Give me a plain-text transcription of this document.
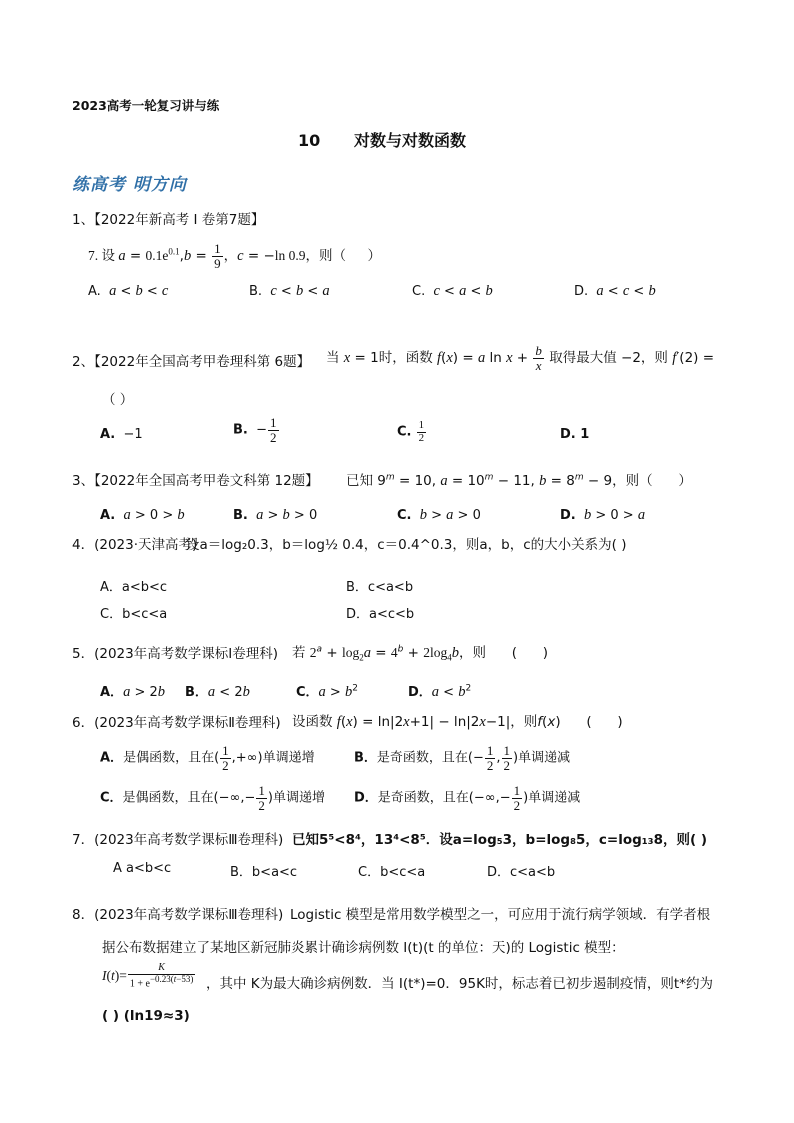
2023高考一轮复习讲与练
10 对数与对数函数
练高考 明方向
1、【2022年新高考 I 卷第7题】
7. 设 $a = 0.1e^{0.1},b = \frac{1}{9}$ ，c = −ln 0.9，则（     ）
A.  a < b < c	B.  c < b < a	C.  c < a < b	D.  a < c < b
2、【2022年全国高考甲卷理科第 6题】 当 x = 1时，函数 f(x) = a $\ln x + \frac{b}{x}$ 取得最大值 −2，则 f′(2) =
（ ）
A.  −1	B.  − $\frac{1}{2}$	C. $\frac{1}{2}$	D. 1
3、【2022年全国高考甲卷文科第 12题】 已知 $9^m = 10$, $a = 10^m - 11$, $b = 8^m - 9$，则（      ）
A. a > 0 > b	B. a > b > 0	C. b > a > 0	D. b > 0 > a
4．(2023·天津高考)
设a＝log₂0.3，b＝log½ 0.4，c＝0.4^0.3，则a，b，c的大小关系为( )
A．a<b<c	B．c<a<b
C．b<c<a	D．a<c<b
5．(2023年高考数学课标Ⅰ卷理科) 若 $2^a + \log_2a = 4^b + 2\log_4b$，则      (      )
A．a > 2b B．a < 2b	C．$a > b^2$	D．$a < b^2$
6．(2023年高考数学课标Ⅱ卷理科) 设函数 f(x) = ln|2x+1| − ln|2x−1|，则f(x)      (      )
A．是偶函数，且在( $\frac{1}{2}$ ,+∞)单调递增	B．是奇函数，且在(− $\frac{1}{2}$ , $\frac{1}{2}$ )单调递减
C．是偶函数，且在(−∞,− $\frac{1}{2}$ )单调递增 D．是奇函数，且在(−∞,− $\frac{1}{2}$ )单调递减
7．(2023年高考数学课标Ⅲ卷理科) 已知5⁵<8⁴，13⁴<8⁵．设a=log₅3，b=log₈5，c=log₁₃8，则( )
A a<b<c	B．b<a<c	C．b<c<a	D．c<a<b
8．(2023年高考数学课标Ⅲ卷理科) Logistic 模型是常用数学模型之一，可应用于流行病学领域．有学者根
据公布数据建立了某地区新冠肺炎累计确诊病例数 I(t)(t 的单位：天)的 Logistic 模型：
$I(t)= \frac{K}{1 + e^{-0.23(t-53)}}$ ，其中 K为最大确诊病例数．当 I(t*)=0．95K时，标志着已初步遏制疫情，则t*约为
( ) (ln19≈3)
